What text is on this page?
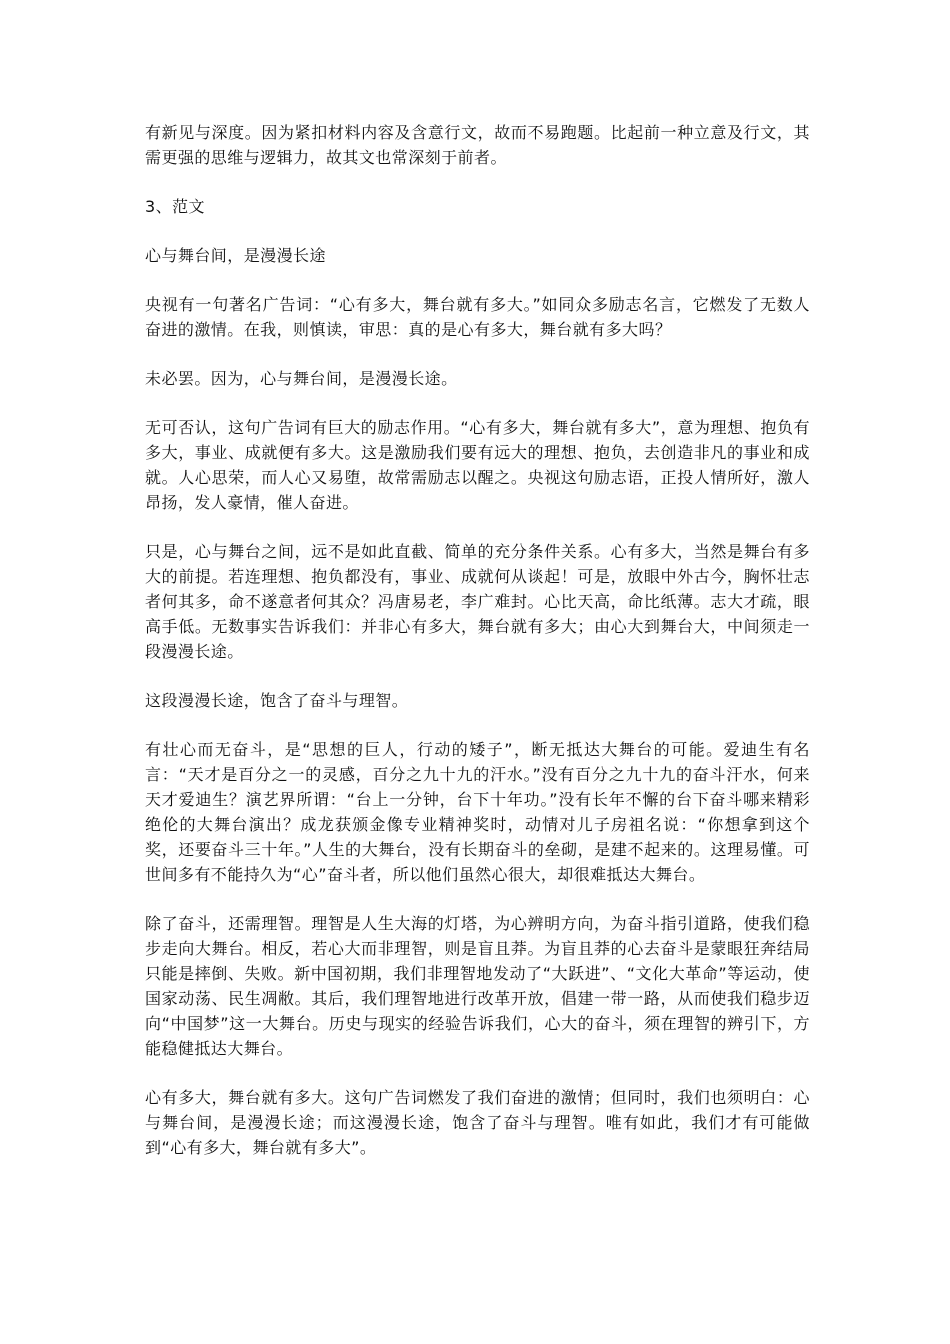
有新见与深度。因为紧扣材料内容及含意行文，故而不易跑题。比起前一种立意及行文，其需更强的思维与逻辑力，故其文也常深刻于前者。

3、范文

心与舞台间，是漫漫长途

央视有一句著名广告词：“心有多大，舞台就有多大。”如同众多励志名言，它燃发了无数人奋进的激情。在我，则慎读，审思：真的是心有多大，舞台就有多大吗？

未必罢。因为，心与舞台间，是漫漫长途。

无可否认，这句广告词有巨大的励志作用。“心有多大，舞台就有多大”，意为理想、抱负有多大，事业、成就便有多大。这是激励我们要有远大的理想、抱负，去创造非凡的事业和成就。人心思荣，而人心又易堕，故常需励志以醒之。央视这句励志语，正投人情所好，激人昂扬，发人豪情，催人奋进。

只是，心与舞台之间，远不是如此直截、简单的充分条件关系。心有多大，当然是舞台有多大的前提。若连理想、抱负都没有，事业、成就何从谈起！可是，放眼中外古今，胸怀壮志者何其多，命不遂意者何其众？冯唐易老，李广难封。心比天高，命比纸薄。志大才疏，眼高手低。无数事实告诉我们：并非心有多大，舞台就有多大；由心大到舞台大，中间须走一段漫漫长途。

这段漫漫长途，饱含了奋斗与理智。

有壮心而无奋斗，是“思想的巨人，行动的矮子”，断无抵达大舞台的可能。爱迪生有名言：“天才是百分之一的灵感，百分之九十九的汗水。”没有百分之九十九的奋斗汗水，何来天才爱迪生？演艺界所谓：“台上一分钟，台下十年功。”没有长年不懈的台下奋斗哪来精彩绝伦的大舞台演出？成龙获颁金像专业精神奖时，动情对儿子房祖名说：“你想拿到这个奖，还要奋斗三十年。”人生的大舞台，没有长期奋斗的垒砌，是建不起来的。这理易懂。可世间多有不能持久为“心”奋斗者，所以他们虽然心很大，却很难抵达大舞台。

除了奋斗，还需理智。理智是人生大海的灯塔，为心辨明方向，为奋斗指引道路，使我们稳步走向大舞台。相反，若心大而非理智，则是盲且莽。为盲且莽的心去奋斗是蒙眼狂奔结局只能是摔倒、失败。新中国初期，我们非理智地发动了“大跃进”、“文化大革命”等运动，使国家动荡、民生凋敝。其后，我们理智地进行改革开放，倡建一带一路，从而使我们稳步迈向“中国梦”这一大舞台。历史与现实的经验告诉我们，心大的奋斗，须在理智的辨引下，方能稳健抵达大舞台。

心有多大，舞台就有多大。这句广告词燃发了我们奋进的激情；但同时，我们也须明白：心与舞台间，是漫漫长途；而这漫漫长途，饱含了奋斗与理智。唯有如此，我们才有可能做到“心有多大，舞台就有多大”。
